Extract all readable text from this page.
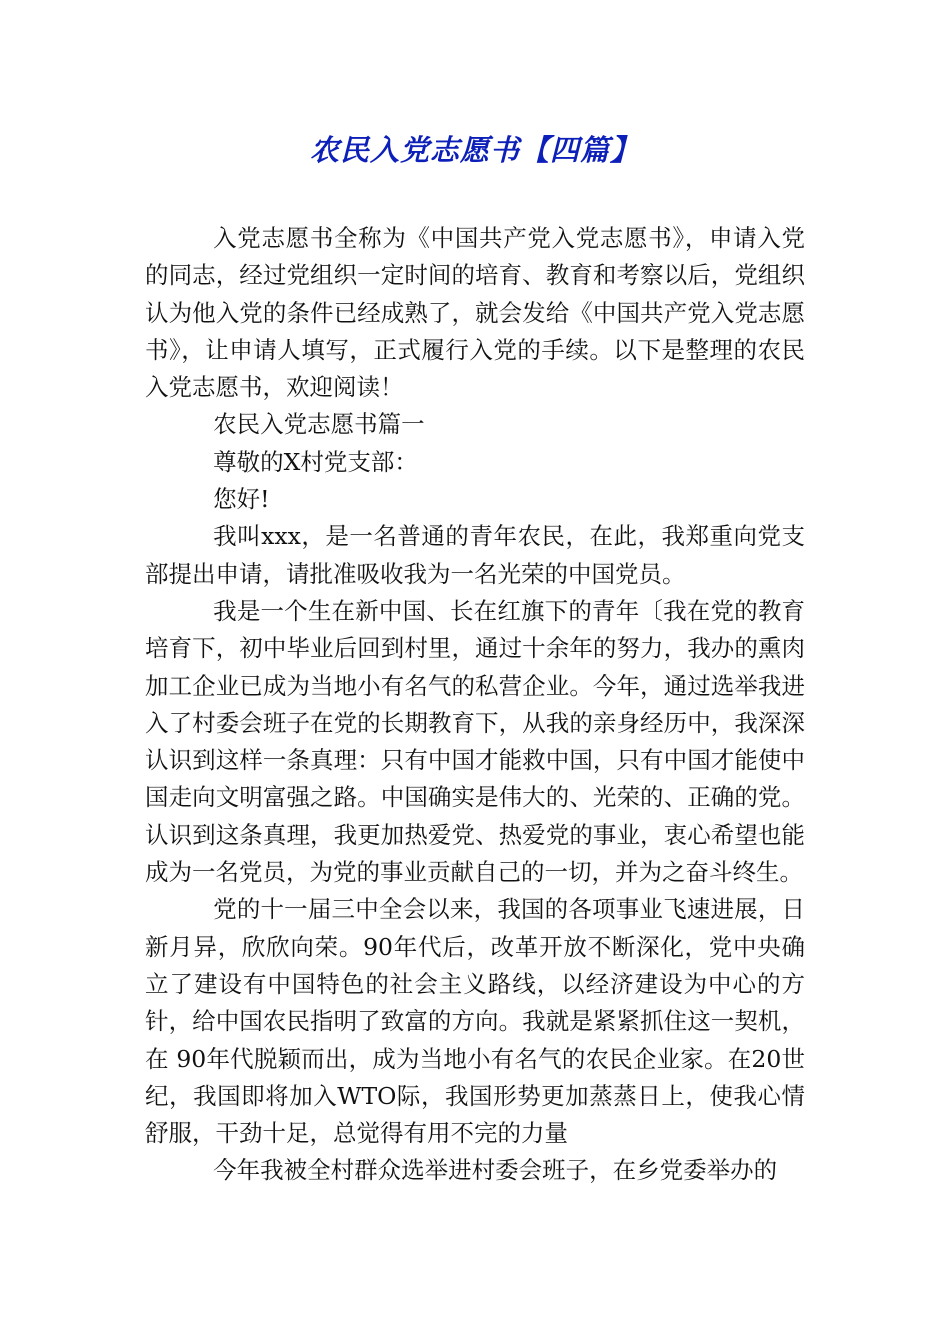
农民入党志愿书【四篇】

入党志愿书全称为《中国共产党入党志愿书》，申请入党的同志，经过党组织一定时间的培育、教育和考察以后，党组织认为他入党的条件已经成熟了，就会发给《中国共产党入党志愿书》，让申请人填写，正式履行入党的手续。以下是整理的农民入党志愿书，欢迎阅读！

农民入党志愿书篇一

尊敬的X村党支部：

您好!

我叫xxx，是一名普通的青年农民，在此，我郑重向党支部提出申请，请批准吸收我为一名光荣的中国党员。

我是一个生在新中国、长在红旗下的青年〔我在党的教育培育下，初中毕业后回到村里，通过十余年的努力，我办的熏肉加工企业已成为当地小有名气的私营企业。今年，通过选举我进入了村委会班子在党的长期教育下，从我的亲身经历中，我深深认识到这样一条真理：只有中国才能救中国，只有中国才能使中国走向文明富强之路。中国确实是伟大的、光荣的、正确的党。认识到这条真理，我更加热爱党、热爱党的事业，衷心希望也能成为一名党员，为党的事业贡献自己的一切，并为之奋斗终生。

党的十一届三中全会以来，我国的各项事业飞速进展，日新月异，欣欣向荣。90年代后，改革开放不断深化，党中央确立了建设有中国特色的社会主义路线，以经济建设为中心的方针，给中国农民指明了致富的方向。我就是紧紧抓住这一契机，在 90年代脱颖而出，成为当地小有名气的农民企业家。在20世纪，我国即将加入WTO际，我国形势更加蒸蒸日上，使我心情舒服，干劲十足，总觉得有用不完的力量

今年我被全村群众选举进村委会班子，在乡党委举办的
